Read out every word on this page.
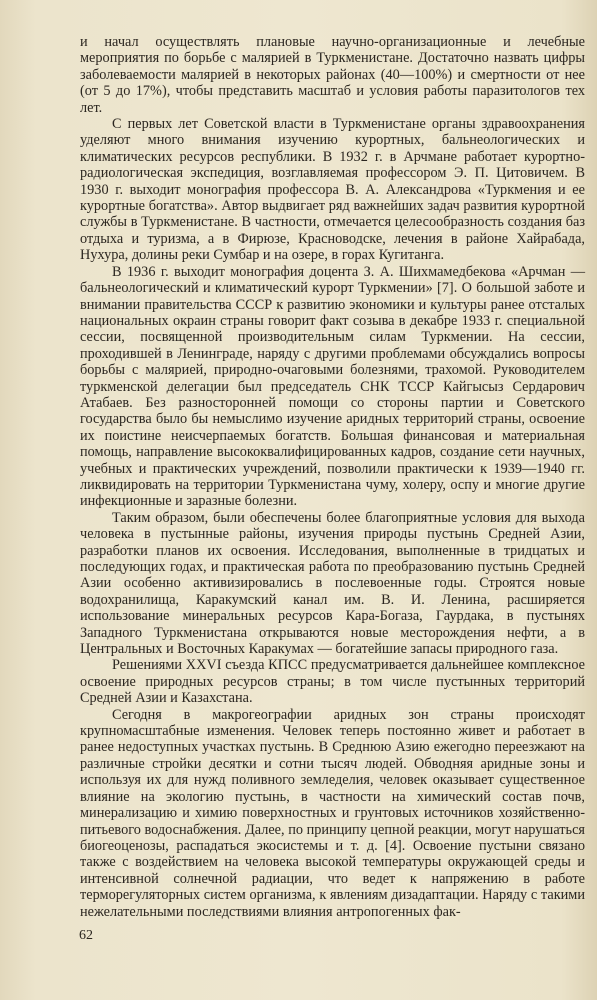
и начал осуществлять плановые научно-организационные и лечебные мероприятия по борьбе с малярией в Туркменистане. Достаточно назвать цифры заболеваемости малярией в некоторых районах (40—100%) и смертности от нее (от 5 до 17%), чтобы представить масштаб и условия работы паразитологов тех лет.

С первых лет Советской власти в Туркменистане органы здравоохранения уделяют много внимания изучению курортных, бальнеологических и климатических ресурсов республики. В 1932 г. в Арчмане работает курортно-радиологическая экспедиция, возглавляемая профессором Э. П. Цитовичем. В 1930 г. выходит монография профессора В. А. Александрова «Туркмения и ее курортные богатства». Автор выдвигает ряд важнейших задач развития курортной службы в Туркменистане. В частности, отмечается целесообразность создания баз отдыха и туризма, а в Фирюзе, Красноводске, лечения в районе Хайрабада, Нухура, долины реки Сумбар и на озере, в горах Кугитанга.

В 1936 г. выходит монография доцента З. А. Шихмамедбекова «Арчман — бальнеологический и климатический курорт Туркмении» [7]. О большой заботе и внимании правительства СССР к развитию экономики и культуры ранее отсталых национальных окраин страны говорит факт созыва в декабре 1933 г. специальной сессии, посвященной производительным силам Туркмении. На сессии, проходившей в Ленинграде, наряду с другими проблемами обсуждались вопросы борьбы с малярией, природно-очаговыми болезнями, трахомой. Руководителем туркменской делегации был председатель СНК ТССР Кайгысыз Сердарович Атабаев. Без разносторонней помощи со стороны партии и Советского государства было бы немыслимо изучение аридных территорий страны, освоение их поистине неисчерпаемых богатств. Большая финансовая и материальная помощь, направление высококвалифицированных кадров, создание сети научных, учебных и практических учреждений, позволили практически к 1939—1940 гг. ликвидировать на территории Туркменистана чуму, холеру, оспу и многие другие инфекционные и заразные болезни.

Таким образом, были обеспечены более благоприятные условия для выхода человека в пустынные районы, изучения природы пустынь Средней Азии, разработки планов их освоения. Исследования, выполненные в тридцатых и последующих годах, и практическая работа по преобразованию пустынь Средней Азии особенно активизировались в послевоенные годы. Строятся новые водохранилища, Каракумский канал им. В. И. Ленина, расширяется использование минеральных ресурсов Кара-Богаза, Гаурдака, в пустынях Западного Туркменистана открываются новые месторождения нефти, а в Центральных и Восточных Каракумах — богатейшие запасы природного газа.

Решениями XXVI съезда КПСС предусматривается дальнейшее комплексное освоение природных ресурсов страны; в том числе пустынных территорий Средней Азии и Казахстана.

Сегодня в макрогеографии аридных зон страны происходят крупномасштабные изменения. Человек теперь постоянно живет и работает в ранее недоступных участках пустынь. В Среднюю Азию ежегодно переезжают на различные стройки десятки и сотни тысяч людей. Обводняя аридные зоны и используя их для нужд поливного земледелия, человек оказывает существенное влияние на экологию пустынь, в частности на химический состав почв, минерализацию и химию поверхностных и грунтовых источников хозяйственно-питьевого водоснабжения. Далее, по принципу цепной реакции, могут нарушаться биогеоценозы, распадаться экосистемы и т. д. [4]. Освоение пустыни связано также с воздействием на человека высокой температуры окружающей среды и интенсивной солнечной радиации, что ведет к напряжению в работе терморегуляторных систем организма, к явлениям дизадаптации. Наряду с такими нежелательными последствиями влияния антропогенных фак-

62
